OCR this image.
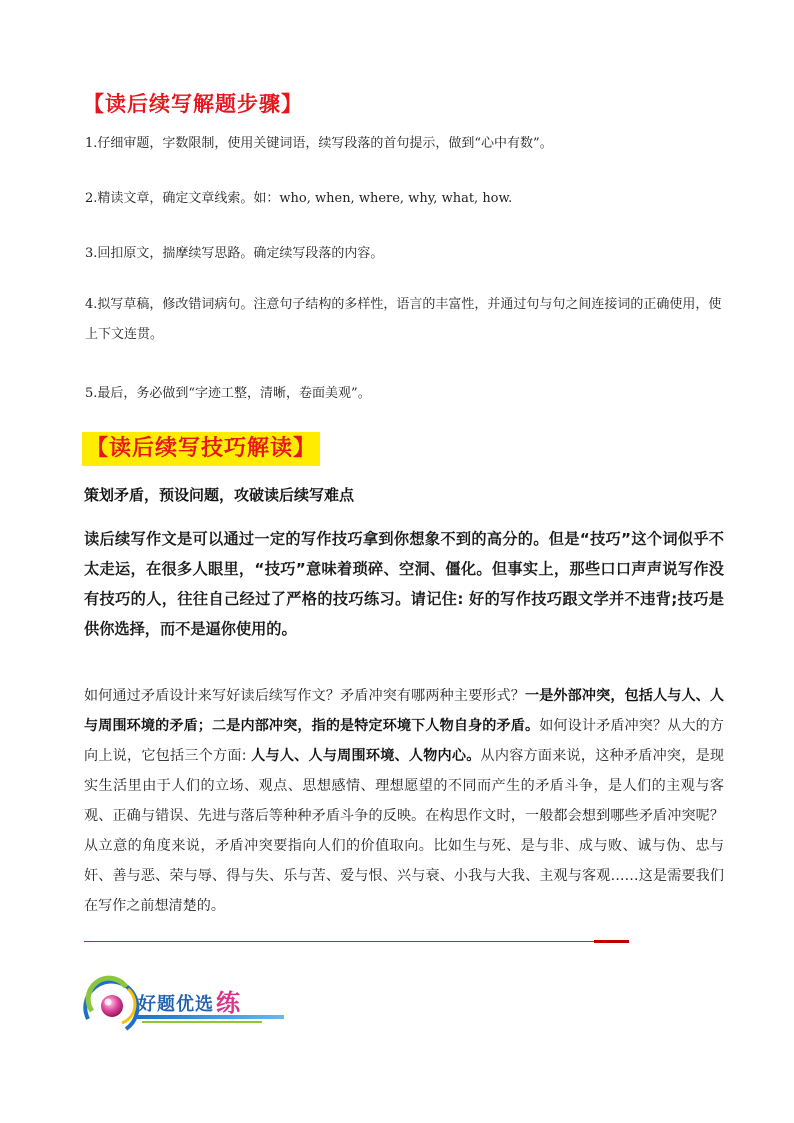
【读后续写解题步骤】
1.仔细审题，字数限制，使用关键词语，续写段落的首句提示，做到“心中有数”。
2.精读文章，确定文章线索。如：who, when, where, why, what, how.
3.回扣原文，揣摩续写思路。确定续写段落的内容。
4.拟写草稿，修改错词病句。注意句子结构的多样性，语言的丰富性，并通过句与句之间连接词的正确使用，使上下文连贯。
5.最后，务必做到“字迹工整，清晰，卷面美观”。
【读后续写技巧解读】
策划矛盾，预设问题，攻破读后续写难点
读后续写作文是可以通过一定的写作技巧拿到你想象不到的高分的。但是“技巧”这个词似乎不太走运，在很多人眼里，“技巧”意味着琐碎、空洞、僵化。但事实上，那些口口声声说写作没有技巧的人，往往自己经过了严格的技巧练习。请记住: 好的写作技巧跟文学并不违背;技巧是供你选择，而不是逼你使用的。
如何通过矛盾设计来写好读后续写作文？矛盾冲突有哪两种主要形式？一是外部冲突，包括人与人、人与周围环境的矛盾；二是内部冲突，指的是特定环境下人物自身的矛盾。如何设计矛盾冲突？从大的方向上说，它包括三个方面: 人与人、人与周围环境、人物内心。从内容方面来说，这种矛盾冲突，是现实生活里由于人们的立场、观点、思想感情、理想愿望的不同而产生的矛盾斗争，是人们的主观与客观、正确与错误、先进与落后等种种矛盾斗争的反映。在构思作文时，一般都会想到哪些矛盾冲突呢？从立意的角度来说，矛盾冲突要指向人们的价值取向。比如生与死、是与非、成与败、诚与伪、忠与奸、善与恶、荣与辱、得与失、乐与苦、爱与恨、兴与衰、小我与大我、主观与客观……这是需要我们在写作之前想清楚的。
好题优选 练
